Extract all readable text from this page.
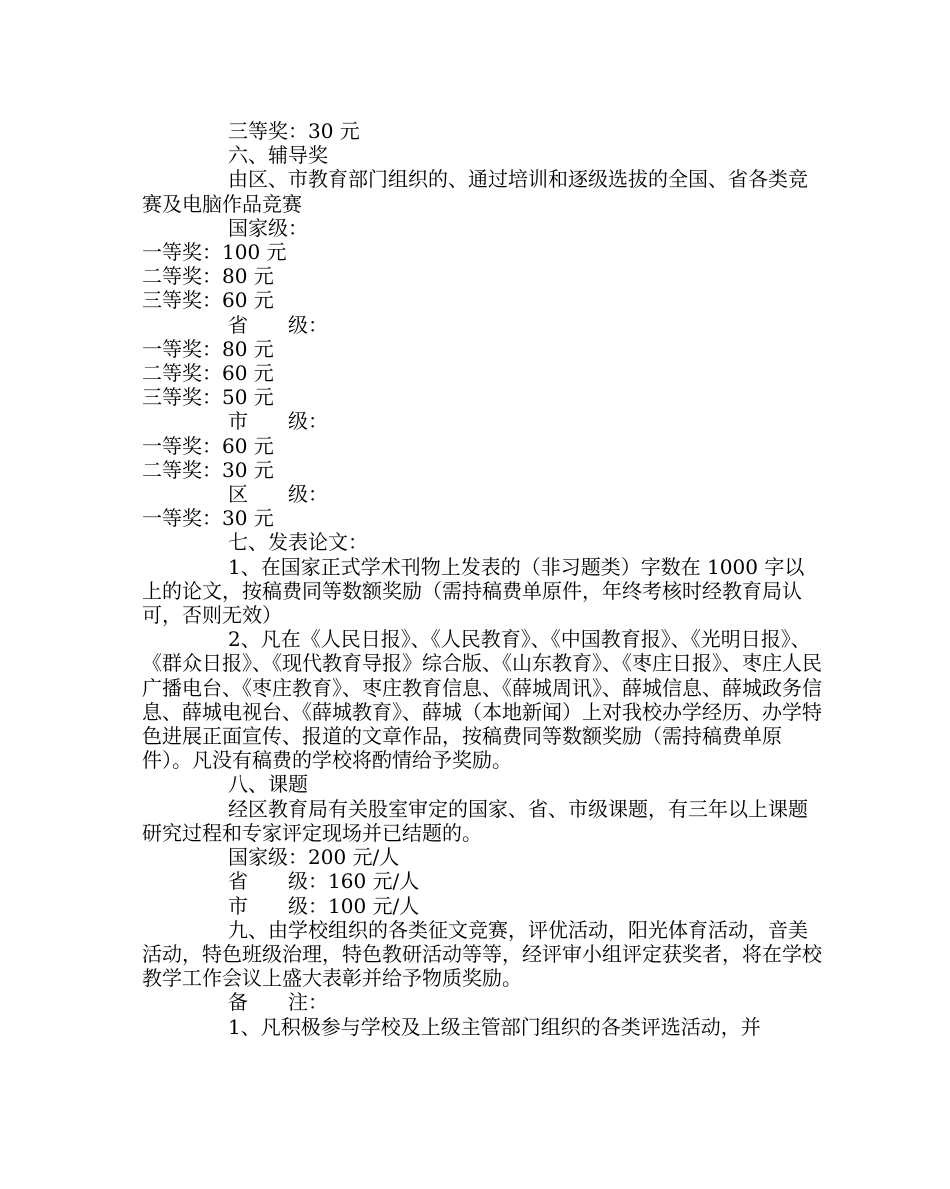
三等奖：30 元

六、辅导奖

由区、市教育部门组织的、通过培训和逐级选拔的全国、省各类竞赛及电脑作品竞赛

国家级：

一等奖：100 元

二等奖：80 元

三等奖：60 元

省　　级：

一等奖：80 元

二等奖：60 元

三等奖：50 元

市　　级：

一等奖：60 元

二等奖：30 元

区　　级：

一等奖：30 元

七、发表论文：

1、在国家正式学术刊物上发表的（非习题类）字数在 1000 字以上的论文，按稿费同等数额奖励（需持稿费单原件，年终考核时经教育局认可，否则无效）

2、凡在《人民日报》、《人民教育》、《中国教育报》、《光明日报》、《群众日报》、《现代教育导报》综合版、《山东教育》、《枣庄日报》、枣庄人民广播电台、《枣庄教育》、枣庄教育信息、《薛城周讯》、薛城信息、薛城政务信息、薛城电视台、《薛城教育》、薛城（本地新闻）上对我校办学经历、办学特色进展正面宣传、报道的文章作品，按稿费同等数额奖励（需持稿费单原件）。凡没有稿费的学校将酌情给予奖励。

八、课题

经区教育局有关股室审定的国家、省、市级课题，有三年以上课题研究过程和专家评定现场并已结题的。

国家级：200 元/人

省　　级：160 元/人

市　　级：100 元/人

九、由学校组织的各类征文竞赛，评优活动，阳光体育活动，音美活动，特色班级治理，特色教研活动等等，经评审小组评定获奖者，将在学校教学工作会议上盛大表彰并给予物质奖励。

备　　注：

1、凡积极参与学校及上级主管部门组织的各类评选活动，并
